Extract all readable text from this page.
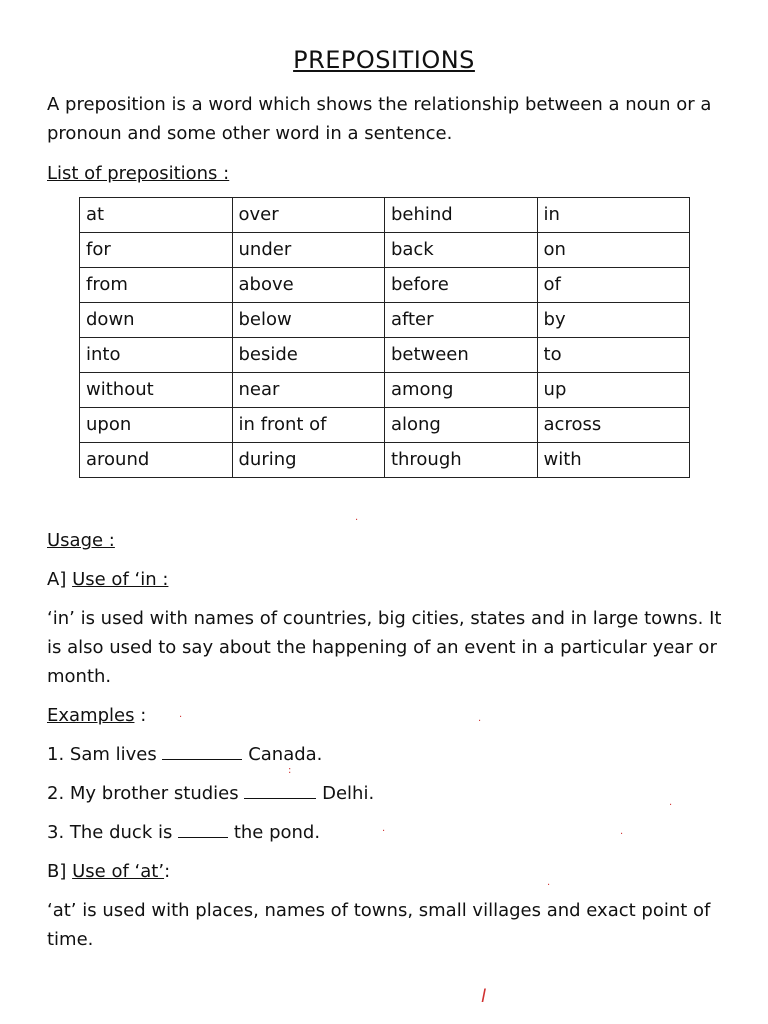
PREPOSITIONS
A preposition is a word which shows the relationship between a noun or a pronoun and some other word in a sentence.
List of prepositions :
at	over	behind	in
for	under	back	on
from	above	before	of
down	below	after	by
into	beside	between	to
without	near	among	up
upon	in front of	along	across
around	during	through	with
Usage :
A] Use of ‘in :
‘in’ is used with names of countries, big cities, states and in large towns. It is also used to say about the happening of an event in a particular year or month.
Examples :
1. Sam lives	Canada.
2. My brother studies	Delhi.
3. The duck is	the pond.
B] Use of ‘at’:
‘at’ is used with places, names of towns, small villages and exact point of time.
·
·	·
:
·
·	·
·
l
